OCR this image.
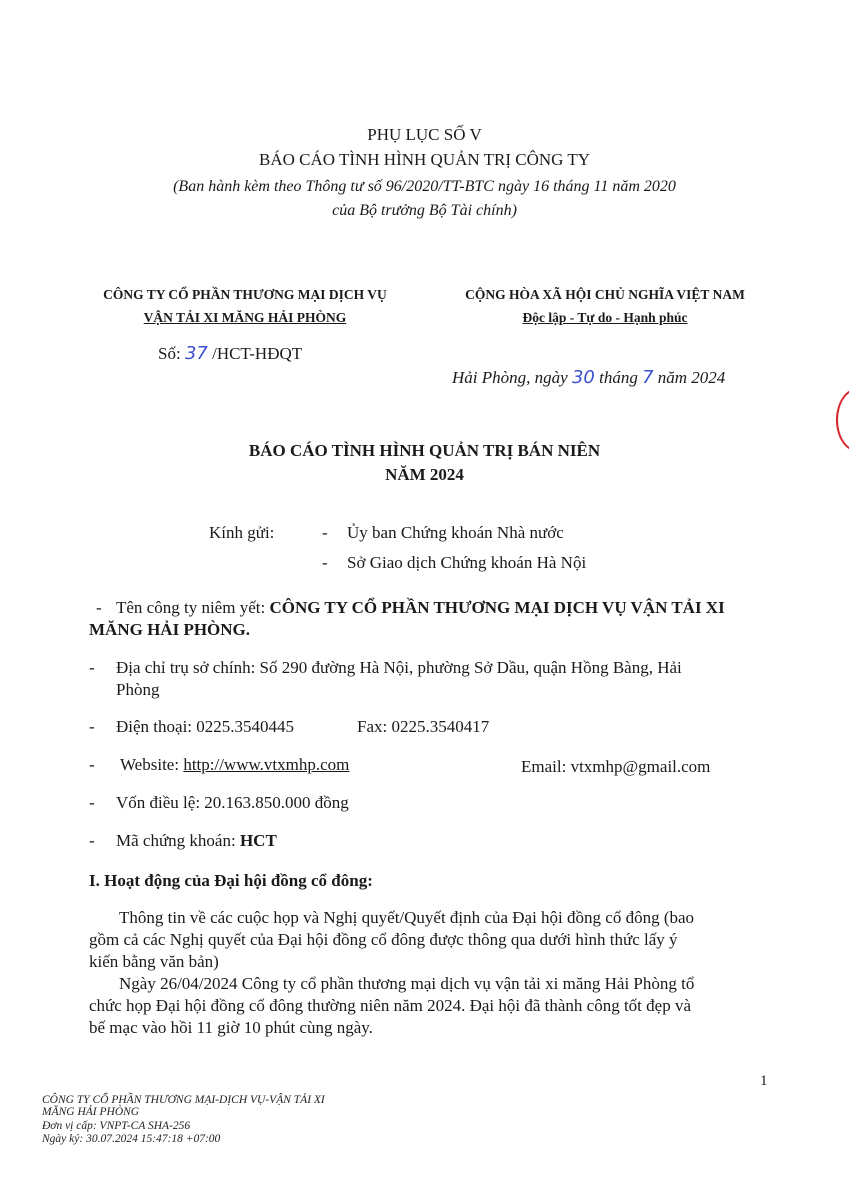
PHỤ LỤC SỐ V
BÁO CÁO TÌNH HÌNH QUẢN TRỊ CÔNG TY
(Ban hành kèm theo Thông tư số 96/2020/TT-BTC ngày 16 tháng 11 năm 2020
của Bộ trưởng Bộ Tài chính)
CÔNG TY CỔ PHẦN THƯƠNG MẠI DỊCH VỤ
VẬN TẢI XI MĂNG HẢI PHÒNG
Số: 37 /HCT-HĐQT
CỘNG HÒA XÃ HỘI CHỦ NGHĨA VIỆT NAM
Độc lập - Tự do - Hạnh phúc
Hải Phòng, ngày 30 tháng 7 năm 2024
BÁO CÁO TÌNH HÌNH QUẢN TRỊ BÁN NIÊN
NĂM 2024
Kính gửi:	- Ủy ban Chứng khoán Nhà nước
- Sở Giao dịch Chứng khoán Hà Nội
- Tên công ty niêm yết: CÔNG TY CỔ PHẦN THƯƠNG MẠI DỊCH VỤ VẬN TẢI XI
MĂNG HẢI PHÒNG.
- Địa chỉ trụ sở chính: Số 290 đường Hà Nội, phường Sở Dầu, quận Hồng Bàng, Hải
Phòng
- Điện thoại: 0225.3540445	Fax: 0225.3540417
- Website: http://www.vtxmhp.com	Email: vtxmhp@gmail.com
- Vốn điều lệ: 20.163.850.000 đồng
- Mã chứng khoán: HCT
I. Hoạt động của Đại hội đồng cổ đông:
Thông tin về các cuộc họp và Nghị quyết/Quyết định của Đại hội đồng cổ đông (bao
gồm cả các Nghị quyết của Đại hội đồng cổ đông được thông qua dưới hình thức lấy ý
kiến bằng văn bản)
Ngày 26/04/2024 Công ty cổ phần thương mại dịch vụ vận tải xi măng Hải Phòng tổ
chức họp Đại hội đồng cổ đông thường niên năm 2024. Đại hội đã thành công tốt đẹp và
bế mạc vào hồi 11 giờ 10 phút cùng ngày.
1
CÔNG TY CỔ PHẦN THƯƠNG MẠI-DỊCH VỤ-VẬN TẢI XI
MĂNG HẢI PHÒNG
Đơn vị cấp: VNPT-CA SHA-256
Ngày ký: 30.07.2024 15:47:18 +07:00
